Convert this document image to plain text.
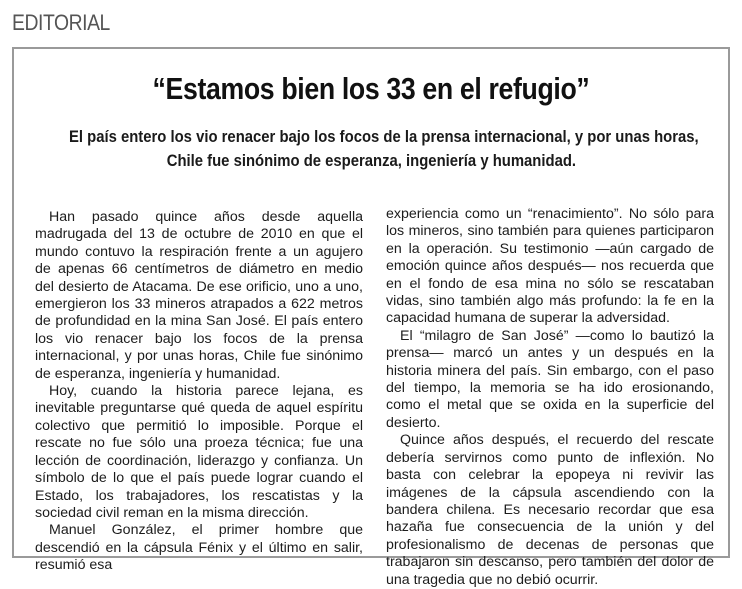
EDITORIAL
“Estamos bien los 33 en el refugio”
El país entero los vio renacer bajo los focos de la prensa internacional, y por unas horas,
Chile fue sinónimo de esperanza, ingeniería y humanidad.

Han pasado quince años desde aquella madrugada del 13 de octubre de 2010 en que el mundo contuvo la respiración frente a un agujero de apenas 66 centímetros de diámetro en medio del desierto de Atacama. De ese orificio, uno a uno, emergieron los 33 mineros atrapados a 622 metros de profundidad en la mina San José. El país entero los vio renacer bajo los focos de la prensa internacional, y por unas horas, Chile fue sinónimo de esperanza, ingeniería y humanidad.

Hoy, cuando la historia parece lejana, es inevitable preguntarse qué queda de aquel espíritu colectivo que permitió lo imposible. Porque el rescate no fue sólo una proeza técnica; fue una lección de coordinación, liderazgo y confianza. Un símbolo de lo que el país puede lograr cuando el Estado, los trabajadores, los rescatistas y la sociedad civil reman en la misma dirección.

Manuel González, el primer hombre que descendió en la cápsula Fénix y el último en salir, resumió esa

experiencia como un “renacimiento”. No sólo para los mineros, sino también para quienes participaron en la operación. Su testimonio —aún cargado de emoción quince años después— nos recuerda que en el fondo de esa mina no sólo se rescataban vidas, sino también algo más profundo: la fe en la capacidad humana de superar la adversidad.

El “milagro de San José” —como lo bautizó la prensa— marcó un antes y un después en la historia minera del país. Sin embargo, con el paso del tiempo, la memoria se ha ido erosionando, como el metal que se oxida en la superficie del desierto.

Quince años después, el recuerdo del rescate debería servirnos como punto de inflexión. No basta con celebrar la epopeya ni revivir las imágenes de la cápsula ascendiendo con la bandera chilena. Es necesario recordar que esa hazaña fue consecuencia de la unión y del profesionalismo de decenas de personas que trabajaron sin descanso, pero también del dolor de una tragedia que no debió ocurrir.
